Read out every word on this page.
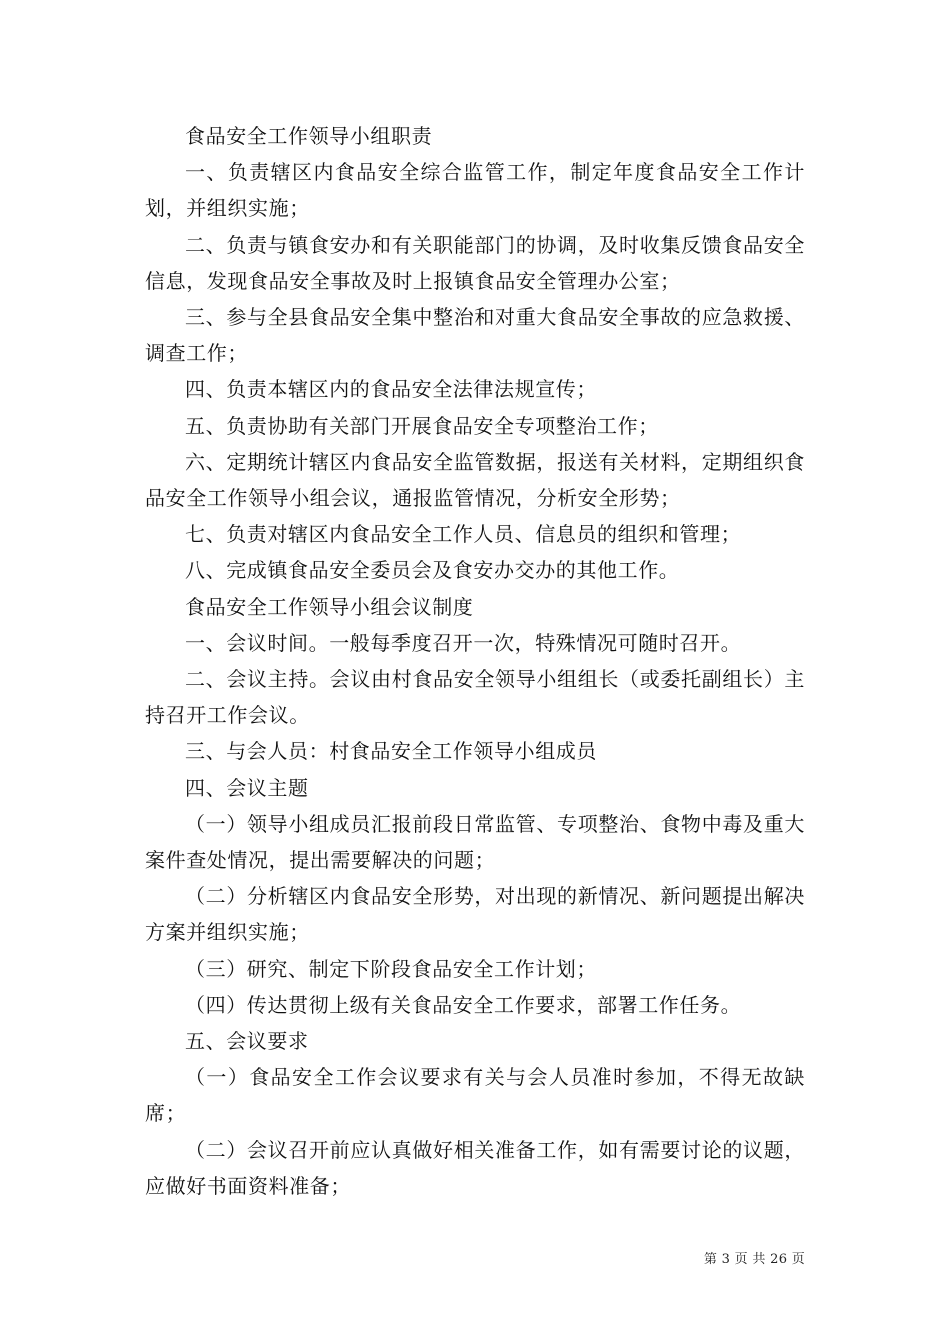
食品安全工作领导小组职责

一、负责辖区内食品安全综合监管工作，制定年度食品安全工作计划，并组织实施；

二、负责与镇食安办和有关职能部门的协调，及时收集反馈食品安全信息，发现食品安全事故及时上报镇食品安全管理办公室；

三、参与全县食品安全集中整治和对重大食品安全事故的应急救援、调查工作；

四、负责本辖区内的食品安全法律法规宣传；

五、负责协助有关部门开展食品安全专项整治工作；

六、定期统计辖区内食品安全监管数据，报送有关材料，定期组织食品安全工作领导小组会议，通报监管情况，分析安全形势；

七、负责对辖区内食品安全工作人员、信息员的组织和管理；

八、完成镇食品安全委员会及食安办交办的其他工作。

食品安全工作领导小组会议制度

一、会议时间。一般每季度召开一次，特殊情况可随时召开。

二、会议主持。会议由村食品安全领导小组组长（或委托副组长）主持召开工作会议。

三、与会人员：村食品安全工作领导小组成员

四、会议主题

（一）领导小组成员汇报前段日常监管、专项整治、食物中毒及重大案件查处情况，提出需要解决的问题；

（二）分析辖区内食品安全形势，对出现的新情况、新问题提出解决方案并组织实施；

（三）研究、制定下阶段食品安全工作计划；

（四）传达贯彻上级有关食品安全工作要求，部署工作任务。

五、会议要求

（一）食品安全工作会议要求有关与会人员准时参加，不得无故缺席；

（二）会议召开前应认真做好相关准备工作，如有需要讨论的议题，应做好书面资料准备；

第 3 页 共 26 页
